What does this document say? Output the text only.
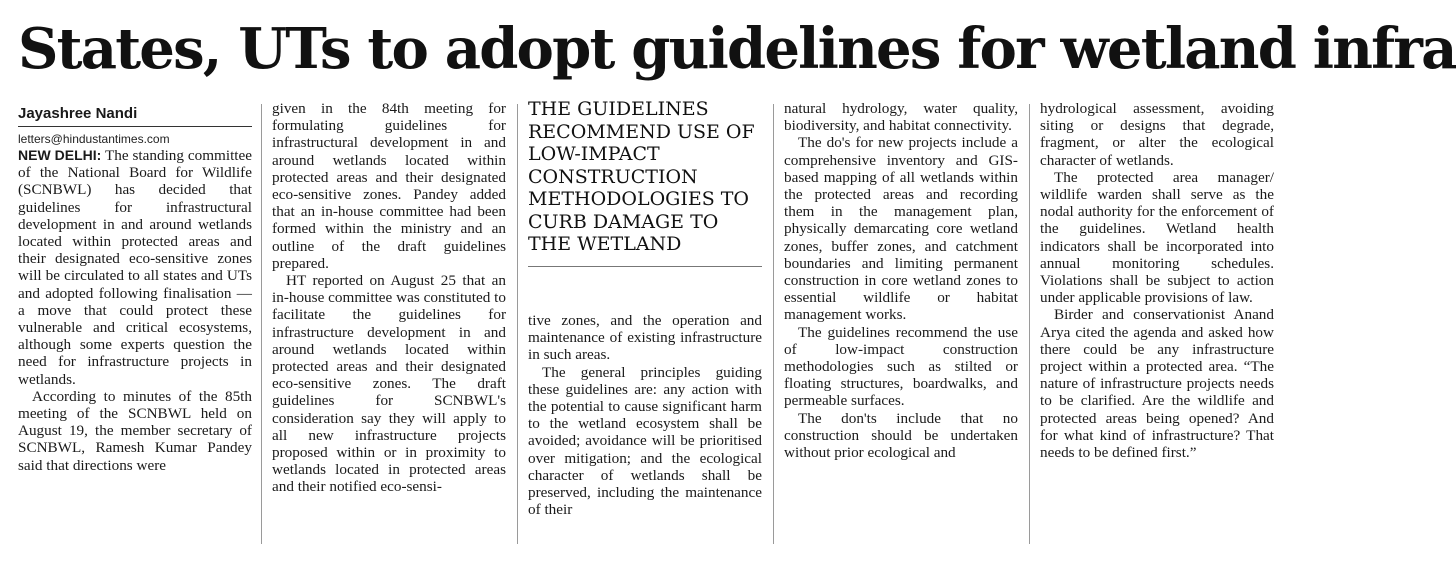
States, UTs to adopt guidelines for wetland infra

Jayashree Nandi

letters@hindustantimes.com

NEW DELHI: The standing committee of the National Board for Wildlife (SCNBWL) has decided that guidelines for infrastructural development in and around wetlands located within protected areas and their designated eco-sensitive zones will be circulated to all states and UTs and adopted following finalisation — a move that could protect these vulnerable and critical ecosystems, although some experts question the need for infrastructure projects in wetlands.

According to minutes of the 85th meeting of the SCNBWL held on August 19, the member secretary of SCNBWL, Ramesh Kumar Pandey said that directions were

given in the 84th meeting for formulating guidelines for infrastructural development in and around wetlands located within protected areas and their designated eco-sensitive zones. Pandey added that an in-house committee had been formed within the ministry and an outline of the draft guidelines prepared.

HT reported on August 25 that an in-house committee was constituted to facilitate the guidelines for infrastructure development in and around wetlands located within protected areas and their designated eco-sensitive zones. The draft guidelines for SCNBWL's consideration say they will apply to all new infrastructure projects proposed within or in proximity to wetlands located in protected areas and their notified eco-sensi-

THE GUIDELINES RECOMMEND USE OF LOW-IMPACT CONSTRUCTION METHODOLOGIES TO CURB DAMAGE TO THE WETLAND

tive zones, and the operation and maintenance of existing infrastructure in such areas.

The general principles guiding these guidelines are: any action with the potential to cause significant harm to the wetland ecosystem shall be avoided; avoidance will be prioritised over mitigation; and the ecological character of wetlands shall be preserved, including the maintenance of their

natural hydrology, water quality, biodiversity, and habitat connectivity.

The do's for new projects include a comprehensive inventory and GIS-based mapping of all wetlands within the protected areas and recording them in the management plan, physically demarcating core wetland zones, buffer zones, and catchment boundaries and limiting permanent construction in core wetland zones to essential wildlife or habitat management works.

The guidelines recommend the use of low-impact construction methodologies such as stilted or floating structures, boardwalks, and permeable surfaces.

The don'ts include that no construction should be undertaken without prior ecological and

hydrological assessment, avoiding siting or designs that degrade, fragment, or alter the ecological character of wetlands.

The protected area manager/ wildlife warden shall serve as the nodal authority for the enforcement of the guidelines. Wetland health indicators shall be incorporated into annual monitoring schedules. Violations shall be subject to action under applicable provisions of law.

Birder and conservationist Anand Arya cited the agenda and asked how there could be any infrastructure project within a protected area. “The nature of infrastructure projects needs to be clarified. Are the wildlife and protected areas being opened? And for what kind of infrastructure? That needs to be defined first.”
